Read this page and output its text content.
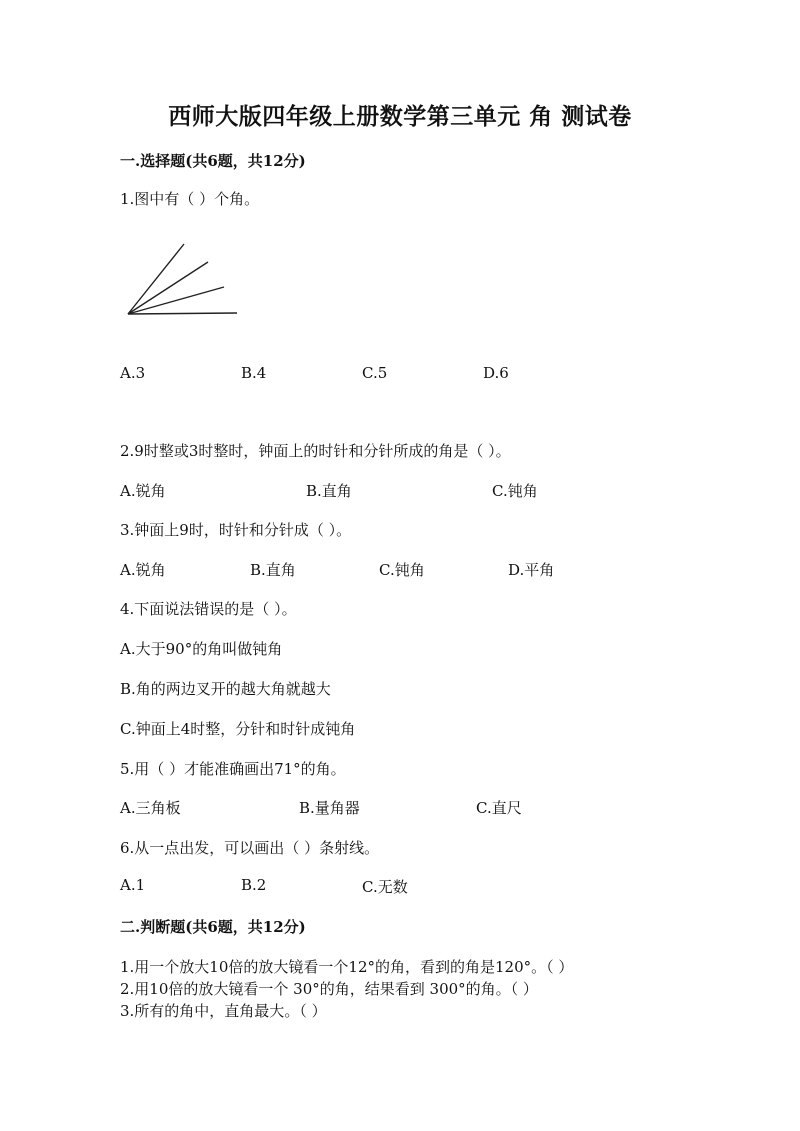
西师大版四年级上册数学第三单元 角 测试卷
一.选择题(共6题，共12分)
1.图中有（ ）个角。
A.3	B.4	C.5	D.6
2.9时整或3时整时，钟面上的时针和分针所成的角是（ ）。
A.锐角	B.直角	C.钝角
3.钟面上9时，时针和分针成（ ）。
A.锐角	B.直角	C.钝角	D.平角
4.下面说法错误的是（ ）。
A.大于90°的角叫做钝角
B.角的两边叉开的越大角就越大
C.钟面上4时整，分针和时针成钝角
5.用（ ）才能准确画出71°的角。
A.三角板	B.量角器	C.直尺
6.从一点出发，可以画出（ ）条射线。
A.1	B.2	C.无数
二.判断题(共6题，共12分)
1.用一个放大10倍的放大镜看一个12°的角，看到的角是120°。（ ）
2.用10倍的放大镜看一个 30°的角，结果看到 300°的角。（ ）
3.所有的角中，直角最大。（ ）
